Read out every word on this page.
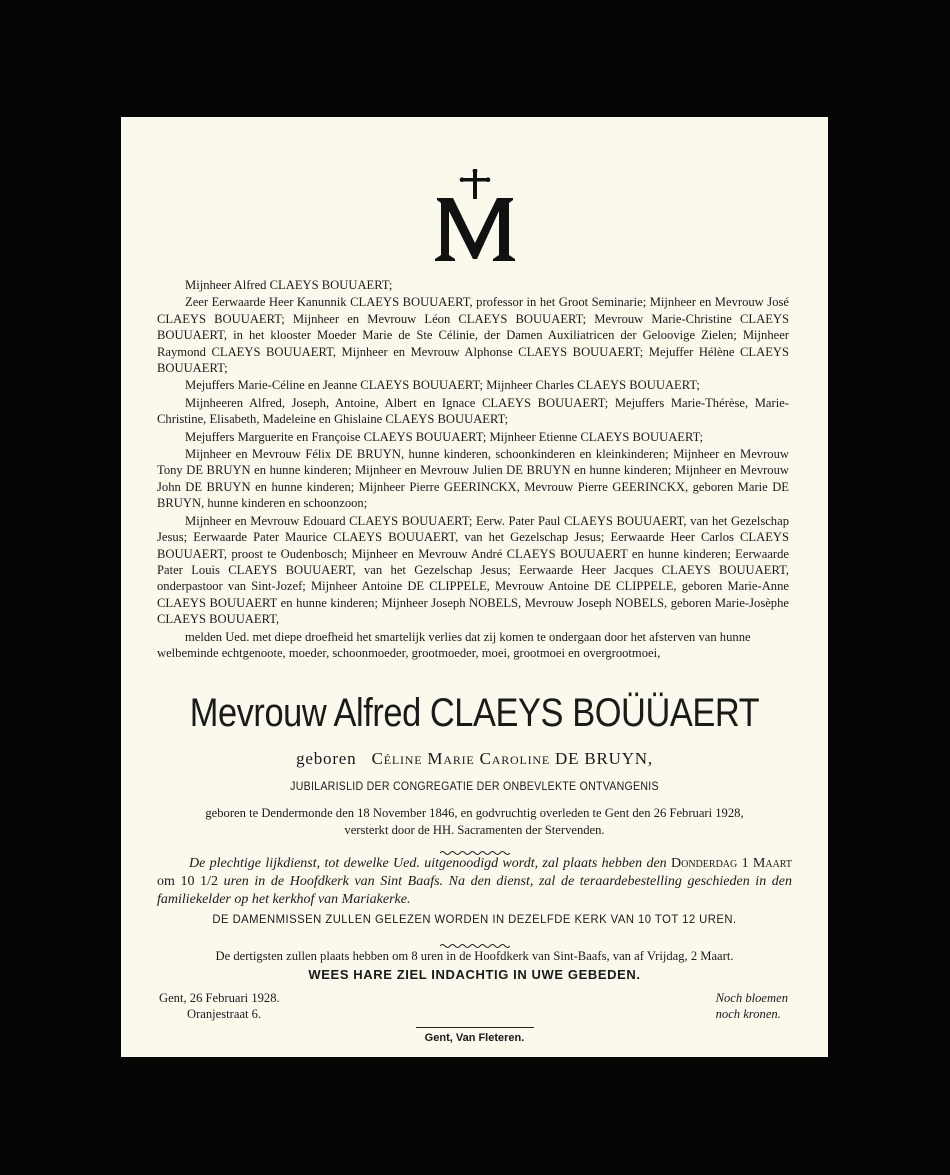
Mijnheer Alfred CLAEYS BOUUAERT;

Zeer Eerwaarde Heer Kanunnik CLAEYS BOUUAERT, professor in het Groot Seminarie; Mijnheer en Mevrouw José CLAEYS BOUUAERT; Mijnheer en Mevrouw Léon CLAEYS BOUUAERT; Mevrouw Marie-Christine CLAEYS BOUUAERT, in het klooster Moeder Marie de Ste Célinie, der Damen Auxiliatricen der Geloovige Zielen; Mijnheer Raymond CLAEYS BOUUAERT, Mijnheer en Mevrouw Alphonse CLAEYS BOUUAERT; Mejuffer Hélène CLAEYS BOUUAERT;

Mejuffers Marie-Céline en Jeanne CLAEYS BOUUAERT; Mijnheer Charles CLAEYS BOUUAERT;

Mijnheeren Alfred, Joseph, Antoine, Albert en Ignace CLAEYS BOUUAERT; Mejuffers Marie-Thérèse, Marie-Christine, Elisabeth, Madeleine en Ghislaine CLAEYS BOUUAERT;

Mejuffers Marguerite en Françoise CLAEYS BOUUAERT; Mijnheer Etienne CLAEYS BOUUAERT;

Mijnheer en Mevrouw Félix DE BRUYN, hunne kinderen, schoonkinderen en kleinkinderen; Mijnheer en Mevrouw Tony DE BRUYN en hunne kinderen; Mijnheer en Mevrouw Julien DE BRUYN en hunne kinderen; Mijnheer en Mevrouw John DE BRUYN en hunne kinderen; Mijnheer Pierre GEERINCKX, Mevrouw Pierre GEERINCKX, geboren Marie DE BRUYN, hunne kinderen en schoonzoon;

Mijnheer en Mevrouw Edouard CLAEYS BOUUAERT; Eerw. Pater Paul CLAEYS BOUUAERT, van het Gezelschap Jesus; Eerwaarde Pater Maurice CLAEYS BOUUAERT, van het Gezelschap Jesus; Eerwaarde Heer Carlos CLAEYS BOUUAERT, proost te Oudenbosch; Mijnheer en Mevrouw André CLAEYS BOUUAERT en hunne kinderen; Eerwaarde Pater Louis CLAEYS BOUUAERT, van het Gezelschap Jesus; Eerwaarde Heer Jacques CLAEYS BOUUAERT, onderpastoor van Sint-Jozef; Mijnheer Antoine DE CLIPPELE, Mevrouw Antoine DE CLIPPELE, geboren Marie-Anne CLAEYS BOUUAERT en hunne kinderen; Mijnheer Joseph NOBELS, Mevrouw Joseph NOBELS, geboren Marie-Josèphe CLAEYS BOUUAERT,

melden Ued. met diepe droefheid het smartelijk verlies dat zij komen te ondergaan door het afsterven van hunne welbeminde echtgenoote, moeder, schoonmoeder, grootmoeder, moei, grootmoei en overgrootmoei,

Mevrouw Alfred CLAEYS BOÜÜAERT
geboren Céline Marie Caroline DE BRUYN,
JUBILARISLID DER CONGREGATIE DER ONBEVLEKTE ONTVANGENIS
geboren te Dendermonde den 18 November 1846, en godvruchtig overleden te Gent den 26 Februari 1928,
versterkt door de HH. Sacramenten der Stervenden.
De plechtige lijkdienst, tot dewelke Ued. uitgenoodigd wordt, zal plaats hebben den Donderdag 1 Maart om 10 1/2 uren in de Hoofdkerk van Sint Baafs. Na den dienst, zal de teraardebestelling geschieden in den familiekelder op het kerkhof van Mariakerke.
DE DAMENMISSEN ZULLEN GELEZEN WORDEN IN DEZELFDE KERK VAN 10 TOT 12 UREN.
De dertigsten zullen plaats hebben om 8 uren in de Hoofdkerk van Sint-Baafs, van af Vrijdag, 2 Maart.
WEES HARE ZIEL INDACHTIG IN UWE GEBEDEN.
Gent, 26 Februari 1928.
Oranjestraat 6.
Noch bloemen
noch kronen.
Gent, Van Fleteren.
